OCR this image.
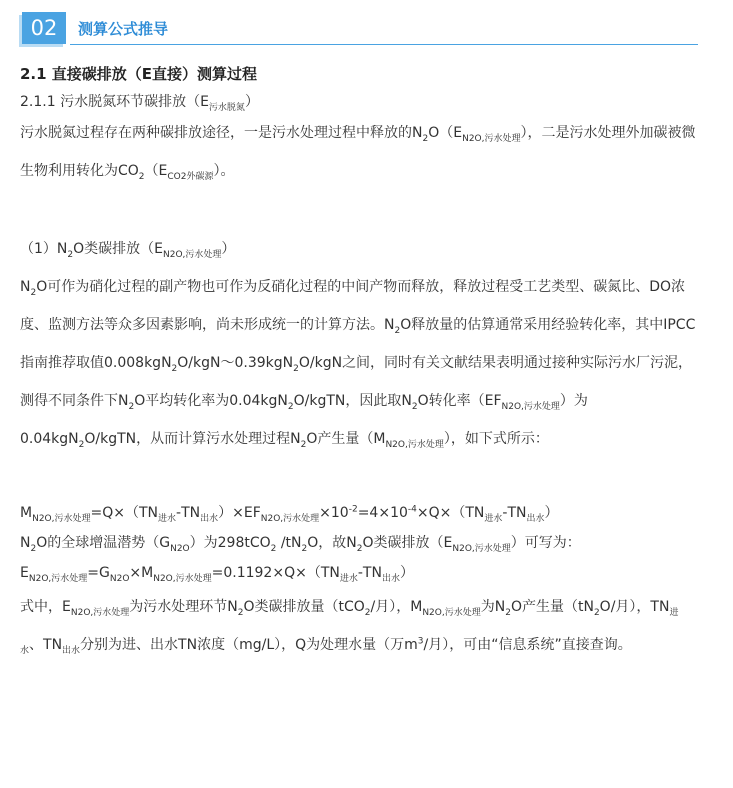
02	测算公式推导
2.1 直接碳排放（E直接）测算过程
2.1.1 污水脱氮环节碳排放$(E_{污水脱氮})$

污水脱氮过程存在两种碳排放途径，一是污水处理过程中释放的$N_2O(E_{N2O,污水处理})$，二是污水处理外加碳被微生物利用转化为$CO_2(E_{CO2外碳源})$。

$(1)N_2O$类碳排放$(E_{N2O,污水处理})$

$N_2O$可作为硝化过程的副产物也可作为反硝化过程的中间产物而释放，释放过程受工艺类型、碳氮比、DO浓度、监测方法等众多因素影响，尚未形成统一的计算方法。$N_2O$释放量的估算通常采用经验转化率，其中IPCC指南推荐取值0.008kgN$_2$O/kgN～0.39kgN$_2$O/kgN之间，同时有关文献结果表明通过接种实际污水厂污泥，测得不同条件下$N_2O$平均转化率为0.04kgN$_2$O/kgTN，因此取$N_2O$转化率$(EF_{N2O,污水处理})$为0.04kgN$_2$O/kgTN，从而计算污水处理过程$N_2O$产生量$(M_{N2O,污水处理})$，如下式所示：

$M_{N2O,污水处理}=Q\times(TN_{进水}-TN_{出水})\times EF_{N2O,污水处理}\times 10^{-2}=4\times 10^{-4}\times Q\times(TN_{进水}-TN_{出水})$
$N_2O$的全球增温潜势$(G_{N2O})$为298tCO$_2$ $/tN_2O$，故$N_2O$类碳排放$(E_{N2O,污水处理})$可写为：
$E_{N2O,污水处理}=G_{N2O}\times M_{N2O,污水处理}=0.1192\times Q\times(TN_{进水}-TN_{出水})$

式中，$E_{N2O,污水处理}$为污水处理环节$N_2O$类碳排放量（tCO$_2$/月），$M_{N2O,污水处理}$为$N_2O$产生量（$tN_2O/$月），$TN_{进水}$、$TN_{出水}$分别为进、出水TN浓度（mg/L），Q为处理水量（万$m^3/$月），可由“信息系统”直接查询。
